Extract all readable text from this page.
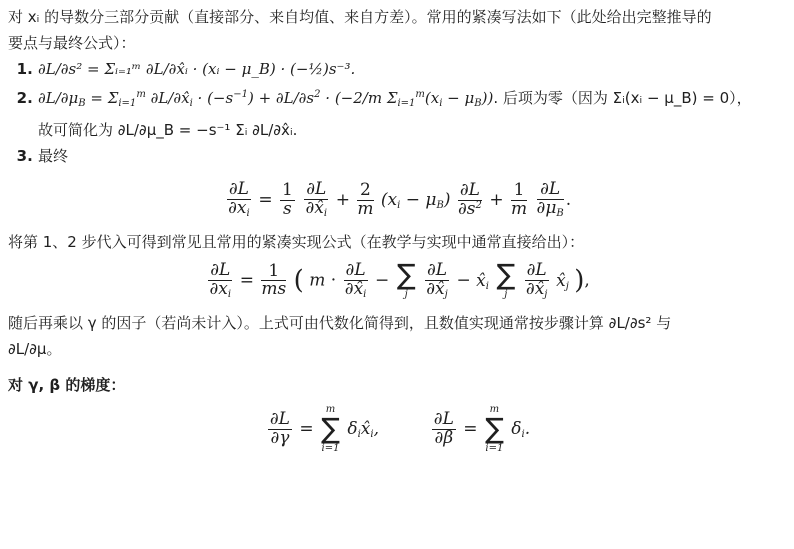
对 xᵢ 的导数分三部分贡献（直接部分、来自均值、来自方差）。常用的紧凑写法如下（此处给出完整推导的
要点与最终公式）：

1. ∂L/∂s² = Σᵢ₌₁ᵐ ∂L/∂x̂ᵢ · (xᵢ − μ_B) · (−½)s⁻³.
2. $\partial L/\partial\mu_B = \Sigma_{i=1}^m$ $\partial L/\partial x̂_i \cdot (-s^{-1}) + \partial L/\partial s^2 \cdot (-2/m$ $\Sigma_{i=1}^m(x_i - \mu_B)$). 后项为零（因为 Σᵢ(xᵢ − μ_B) = 0），
故可简化为 ∂L/∂μ_B = −s⁻¹ Σᵢ ∂L/∂x̂ᵢ.
3. 最终
$\frac{\partial L}{\partial x_i} = \frac{1}{s}$
$\frac{\partial L}{\partial x̂_i} + \frac{2}{m} (x_i - \mu_B) \frac{\partial L}{\partial s^2} + \frac{1}{m}$
$\frac{\partial L}{\partial\mu_B}$ .

将第 1、2 步代入可得到常见且常用的紧凑实现公式（在教学与实现中通常直接给出）：

$\frac{\partial L}{\partial x_i} = \frac{1}{ms}$ ( $m \cdot \frac{\partial L}{\partial x̂_i}$ − ∑
j
	$\frac{\partial L}{\partial x̂_j}$ − $x̂_i$ ∑
j
	$\frac{\partial L}{\partial x̂_j}$ $x̂_j$ ),

随后再乘以 γ 的因子（若尚未计入）。上式可由代数化简得到，且数值实现通常按步骤计算 ∂L/∂s² 与
∂L/∂μ。

对 γ, β 的梯度：

$\frac{\partial L}{\partial\gamma}$ =
m
∑
i=1
$\delta_ix̂_i$,	$\frac{\partial L}{\partial\beta}$ =
m
∑
i=1
$\delta_i$.
